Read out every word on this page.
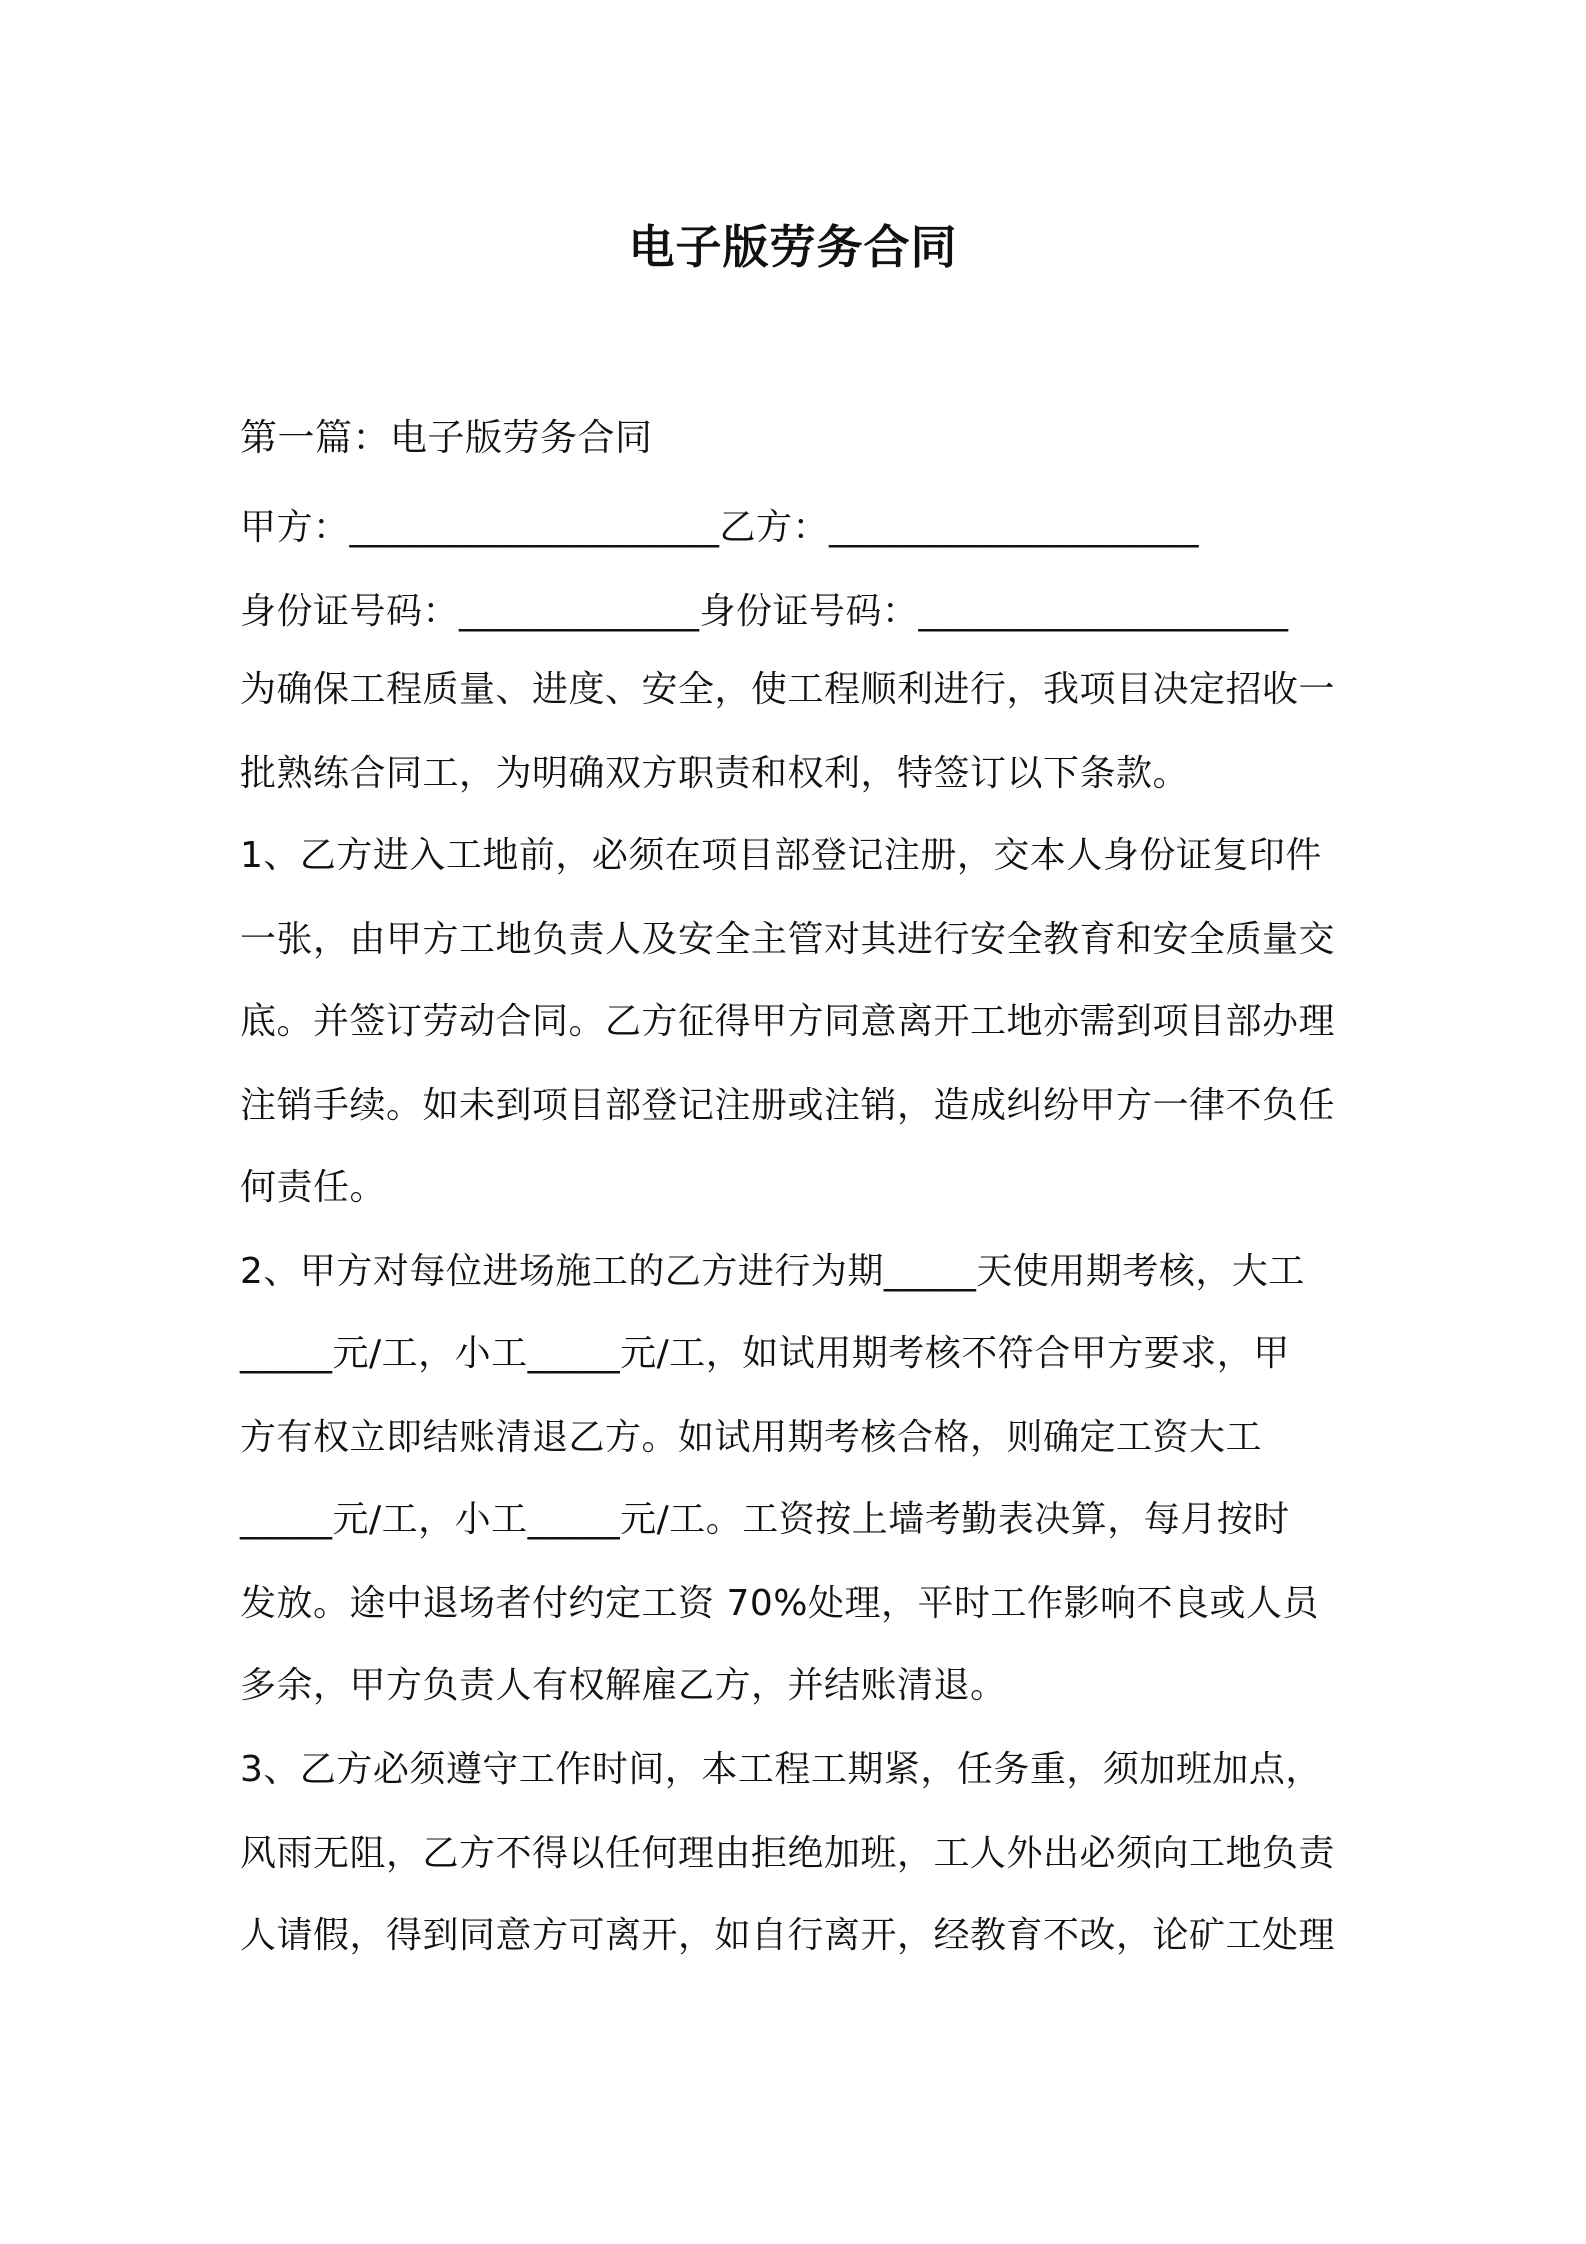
电子版劳务合同
第一篇：电子版劳务合同
甲方：____________________乙方：____________________
身份证号码：_____________身份证号码：____________________
为确保工程质量、进度、安全，使工程顺利进行，我项目决定招收一
批熟练合同工，为明确双方职责和权利，特签订以下条款。
1、乙方进入工地前，必须在项目部登记注册，交本人身份证复印件
一张，由甲方工地负责人及安全主管对其进行安全教育和安全质量交
底。并签订劳动合同。乙方征得甲方同意离开工地亦需到项目部办理
注销手续。如未到项目部登记注册或注销，造成纠纷甲方一律不负任
何责任。
2、甲方对每位进场施工的乙方进行为期_____天使用期考核，大工
_____元/工，小工_____元/工，如试用期考核不符合甲方要求，甲
方有权立即结账清退乙方。如试用期考核合格，则确定工资大工
_____元/工，小工_____元/工。工资按上墙考勤表决算，每月按时
发放。途中退场者付约定工资 70%处理，平时工作影响不良或人员
多余，甲方负责人有权解雇乙方，并结账清退。
3、乙方必须遵守工作时间，本工程工期紧，任务重，须加班加点，
风雨无阻，乙方不得以任何理由拒绝加班，工人外出必须向工地负责
人请假，得到同意方可离开，如自行离开，经教育不改，论矿工处理
